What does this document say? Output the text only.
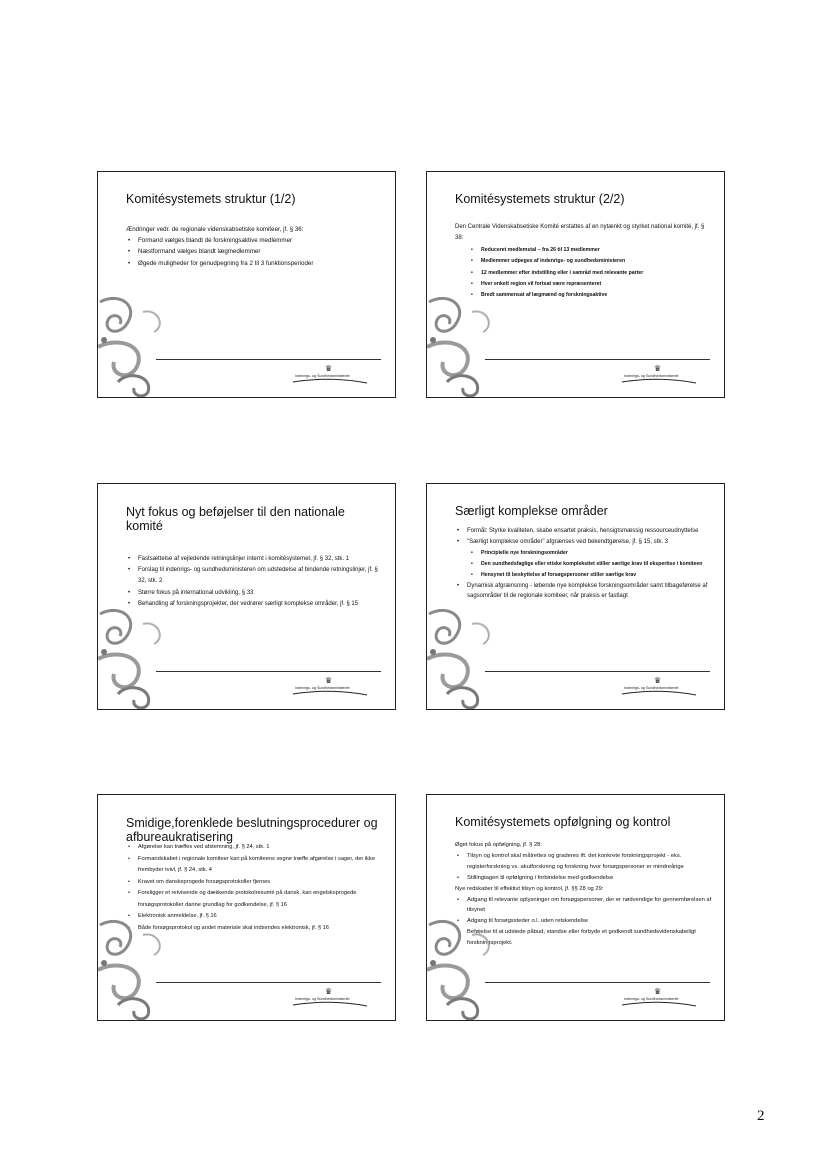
Komitésystemets struktur (1/2)
Ændringer vedr. de regionale videnskabsetiske komiteer, jf. § 36:
• Formand vælges blandt de forskningsaktive medlemmer
• Næstformand vælges blandt lægmedlemmer
• Øgede muligheder for genudpegning fra 2 til 3 funktionsperioder
♛
Indenrigs- og Sundhedsministeriet
Komitésystemets struktur (2/2)
Den Centrale Videnskabsetiske Komité erstattes af en nytænkt og styrket national komité, jf. § 38:
• Reduceret medlemstal – fra 26 til 13 medlemmer
• Medlemmer udpeges af indenrigs- og sundhedsministeren
• 12 medlemmer efter indstilling eller i samråd med relevante parter
• Hver enkelt region vil fortsat være repræsenteret
• Bredt sammensat af lægmænd og forskningsaktive
♛
Indenrigs- og Sundhedsministeriet
Nyt fokus og beføjelser til den nationale komité
• Fastsættelse af vejledende retningslinjer internt i komitésystemet, jf. § 32, stk. 1
• Forslag til indenrigs- og sundhedsministeren om udstedelse af bindende retningslinjer, jf. § 32, stk. 2
• Større fokus på international udvikling, § 33
• Behandling af forskningsprojekter, der vedrører særligt komplekse områder, jf. § 15
♛
Indenrigs- og Sundhedsministeriet
Særligt komplekse områder
• Formål: Styrke kvaliteten, skabe ensartet praksis, hensigtsmæssig ressourceudnyttelse
• "Særligt komplekse områder" afgrænses ved bekendtgørelse, jf. § 15, stk. 3
• Principielle nye forskningsområder
• Den sundhedsfaglige eller etiske kompleksitet stiller særlige krav til ekspertise i komiteen
• Hensynet til beskyttelse af forsøgspersoner stiller særlige krav
• Dynamisk afgrænsning - løbende nye komplekse forskningsområder samt tilbageførelse af sagsområder til de regionale komiteer, når praksis er fastlagt
♛
Indenrigs- og Sundhedsministeriet
Smidige,forenklede beslutningsprocedurer og afbureaukratisering
• Afgørelse kan træffes ved afstemning, jf. § 24, stk. 1
• Formandskabet i regionale komiteer kan på komiteens vegne træffe afgørelse i sager, der ikke frembyder tvivl, jf. § 24, stk. 4
• Kravet om dansksprogede forsøgsprotokoller fjernes
• Foreligger et retvisende og dækkende protokolresumé på dansk, kan engelsksprogede forsøgsprotokoller danne grundlag for godkendelse, jf. § 16
• Elektronisk anmeldelse, jf. § 16
• Både forsøgsprotokol og andet materiale skal indsendes elektronisk, jf. § 16
♛
Indenrigs- og Sundhedsministeriet
Komitésystemets opfølgning og kontrol
Øget fokus på opfølgning, jf. § 28:
• Tilsyn og kontrol skal målrettes og graderes ift. det konkrete forskningsprojekt - eks. registerforskning vs. akutforskning og forskning hvor forsøgspersoner er mindreårige
• Stillingtagen til opfølgning i forbindelse med godkendelse
Nye redskaber til effektivt tilsyn og kontrol, jf. §§ 28 og 29:
• Adgang til relevante oplysninger om forsøgspersoner, der er nødvendige for gennemførelsen af tilsynet
• Adgang til forsøgssteder o.l. uden retskendelse
• Beføjelse til at udstede påbud, standse eller forbyde et godkendt sundhedsvidenskabeligt forskningsprojekt.
♛
Indenrigs- og Sundhedsministeriet
2
